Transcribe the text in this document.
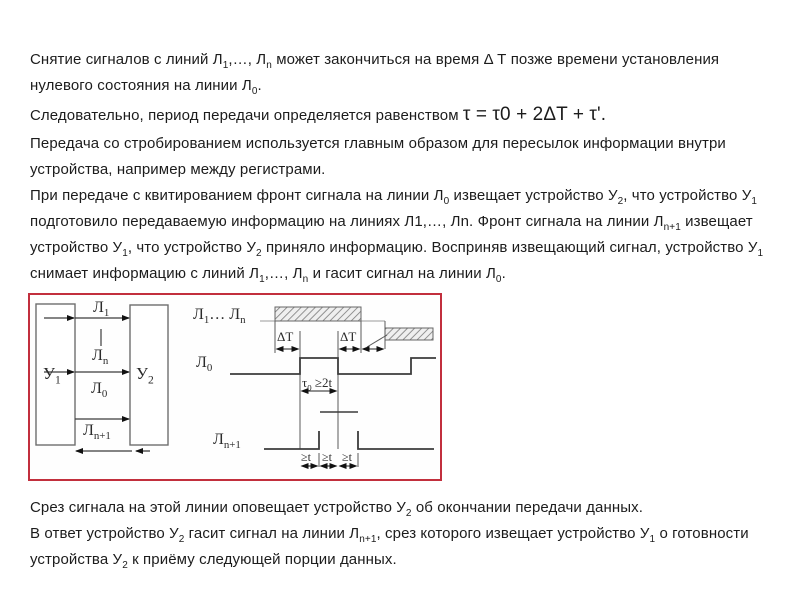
Снятие сигналов с линий $Л_1,\dots$, $Л_n$ может закончиться на время Δ Т позже времени установления нулевого состояния на линии $Л_0$.
Следовательно, период передачи определяется равенством τ = τ0 + 2ΔT + τ'.
Передача со стробированием используется главным образом для пересылок информации внутри устройства, например между регистрами.
При передаче с квитированием фронт сигнала на линии $Л_0$ извещает устройство $У_2$, что устройство $У_1$ подготовило передаваемую информацию на линиях Л1,…, Лn. Фронт сигнала на линии $Л_{n+1}$ извещает устройство $У_1$, что устройство $У_2$ приняло информацию. Восприняв извещающий сигнал, устройство $У_1$ снимает информацию с линий $Л_1,\dots$, $Л_n$ и гасит сигнал на линии $Л_0$.
$У_1$	$У_2$
$Л_1$
$Л_n$
$Л_0$
$Л_{n+1}$
$Л_1\dots$ $Л_n$
$Л_0$
$Л_{n+1}$
ΔT	ΔT
$\tau_0 \ge 2t$
≥t ≥t ≥t
Срез сигнала на этой линии оповещает устройство $У_2$ об окончании передачи данных.
В ответ устройство $У_2$ гасит сигнал на линии $Л_{n+1}$, срез которого извещает устройство $У_1$ о готовности устройства $У_2$ к приёму следующей порции данных.
